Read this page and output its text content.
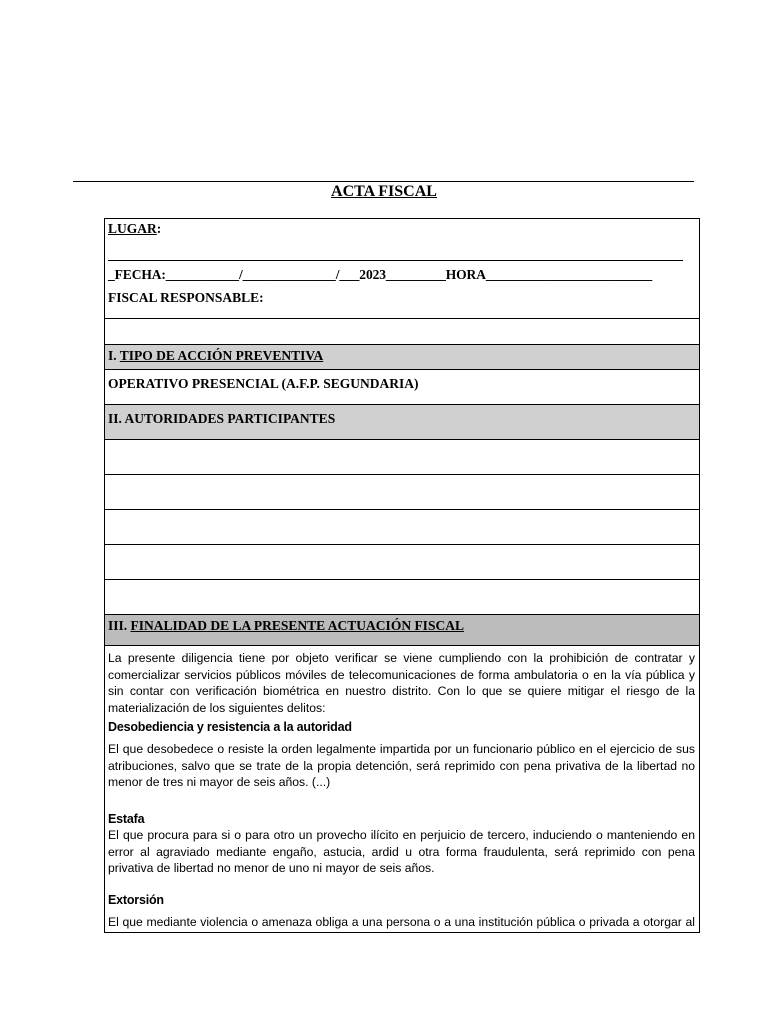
ACTA FISCAL
LUGAR:
_FECHA:___________/______________/___2023_________HORA_________________________
FISCAL RESPONSABLE:
I. TIPO DE ACCIÓN PREVENTIVA
OPERATIVO PRESENCIAL (A.F.P. SEGUNDARIA)
II. AUTORIDADES PARTICIPANTES
III. FINALIDAD DE LA PRESENTE ACTUACIÓN FISCAL
La presente diligencia tiene por objeto verificar se viene cumpliendo con la prohibición de contratar y comercializar servicios públicos móviles de telecomunicaciones de forma ambulatoria o en la vía pública y sin contar con verificación biométrica en nuestro distrito. Con lo que se quiere mitigar el riesgo de la materialización de los siguientes delitos:
Desobediencia y resistencia a la autoridad
El que desobedece o resiste la orden legalmente impartida por un funcionario público en el ejercicio de sus atribuciones, salvo que se trate de la propia detención, será reprimido con pena privativa de la libertad no menor de tres ni mayor de seis años. (...)
Estafa
El que procura para si o para otro un provecho ilícito en perjuicio de tercero, induciendo o manteniendo en error al agraviado mediante engaño, astucia, ardid u otra forma fraudulenta, será reprimido con pena privativa de libertad no menor de uno ni mayor de seis años.
Extorsión
El que mediante violencia o amenaza obliga a una persona o a una institución pública o privada a otorgar al
